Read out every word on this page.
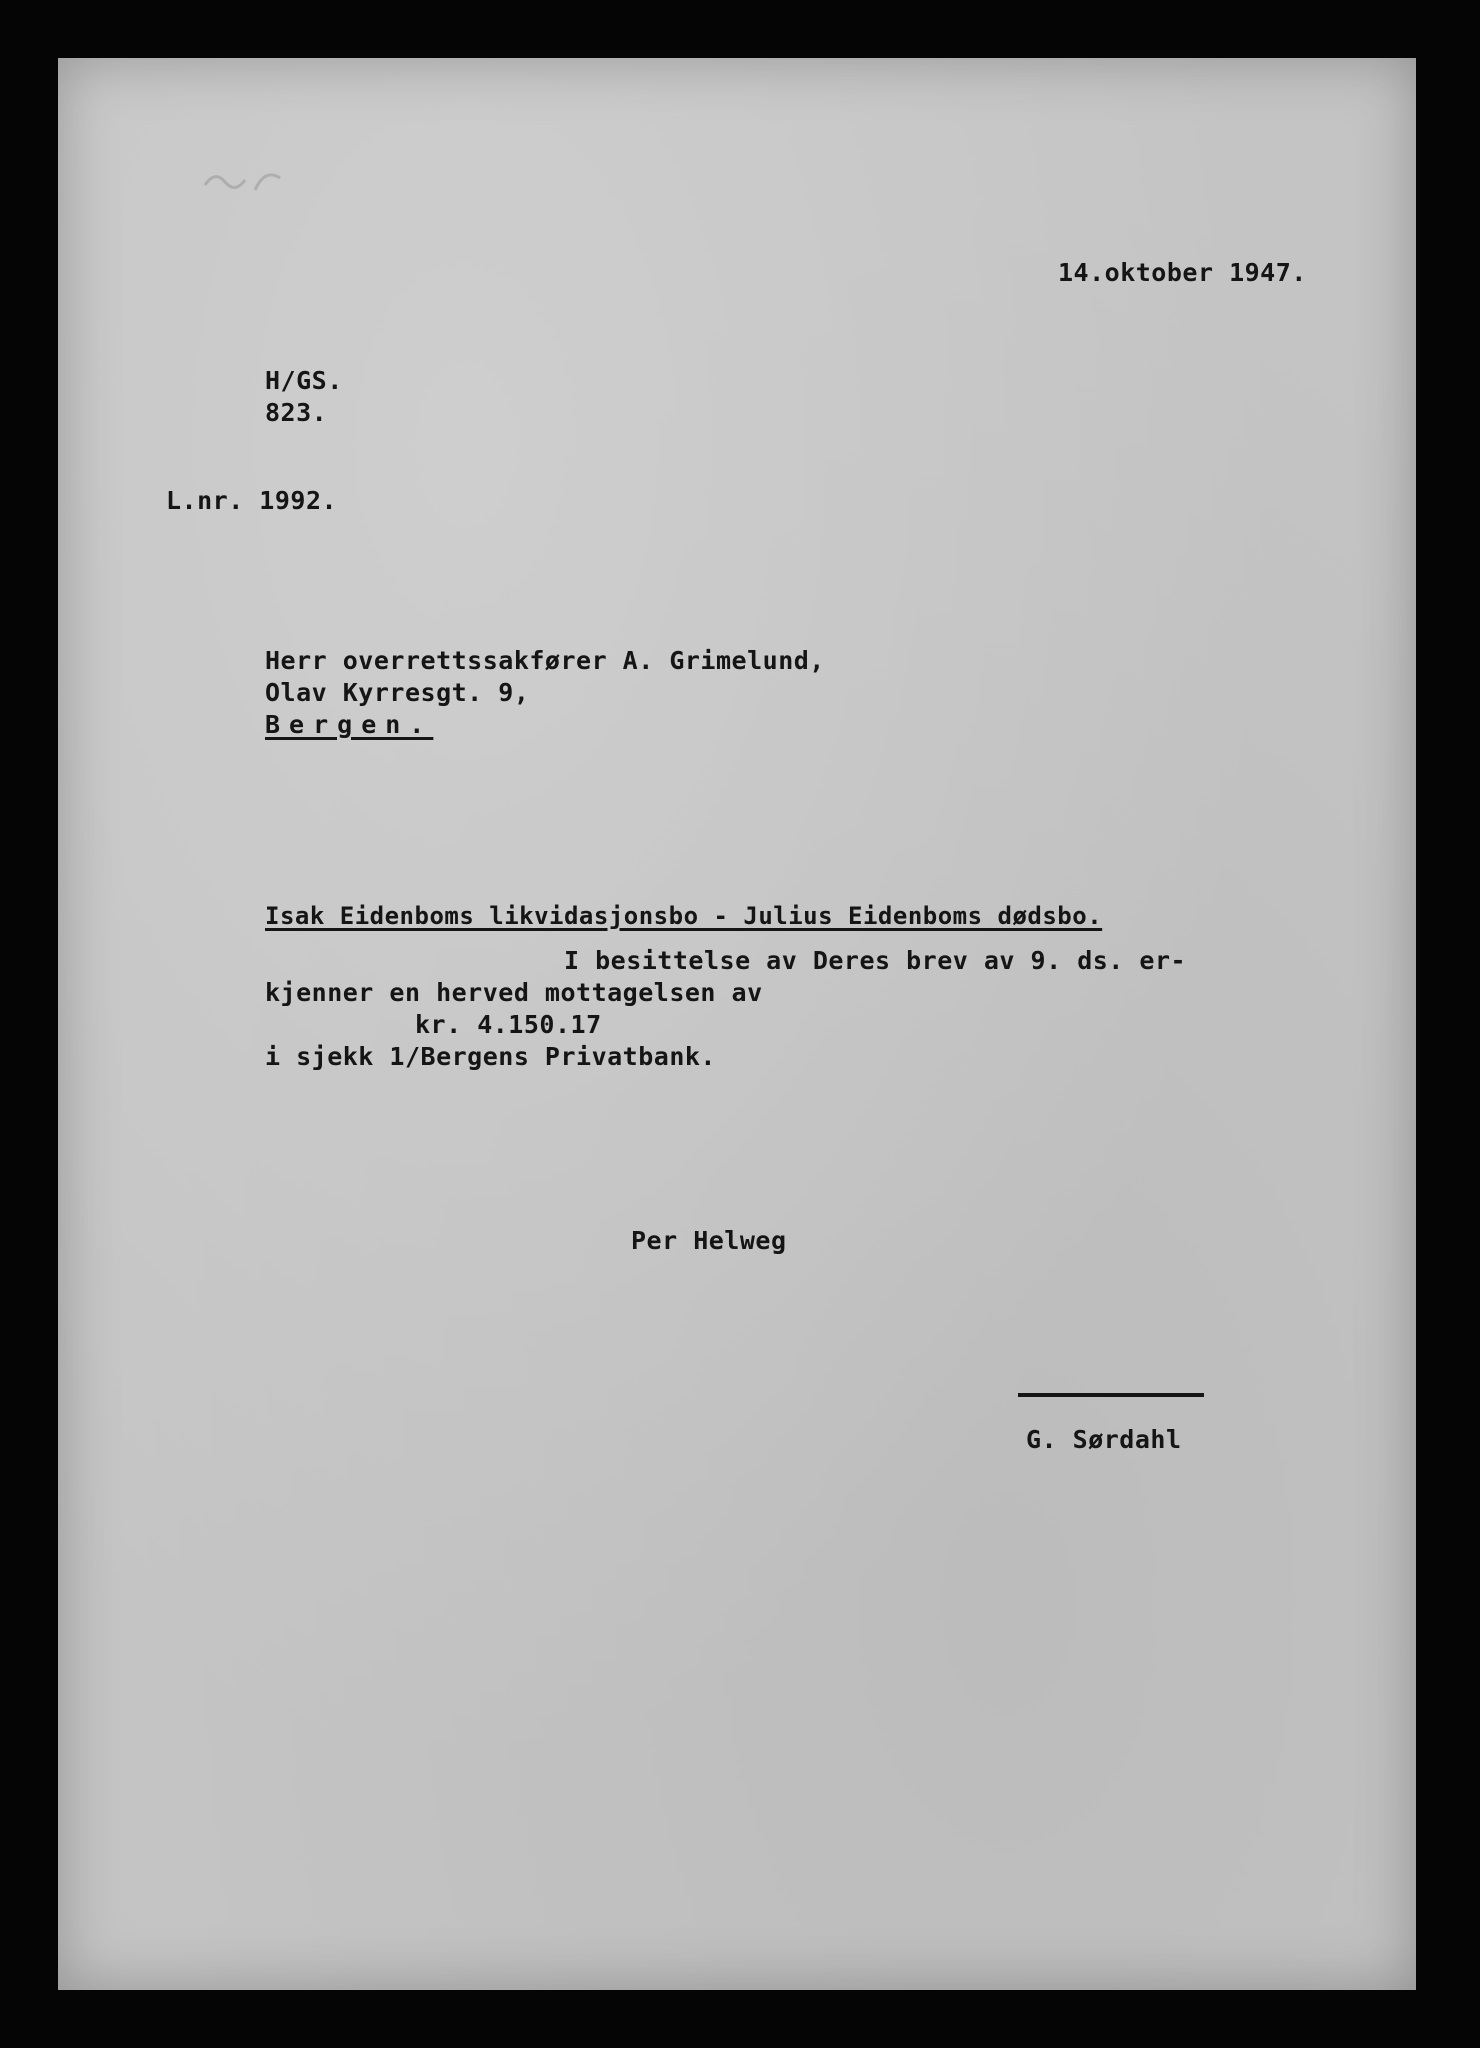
14.oktober 1947.
H/GS.
823.
L.nr. 1992.
Herr overrettssakfører A. Grimelund,
Olav Kyrresgt. 9,
Bergen.
Isak Eidenboms likvidasjonsbo - Julius Eidenboms dødsbo.
I besittelse av Deres brev av 9. ds. er-
kjenner en herved mottagelsen av
kr. 4.150.17
i sjekk 1/Bergens Privatbank.
Per Helweg
G. Sørdahl
